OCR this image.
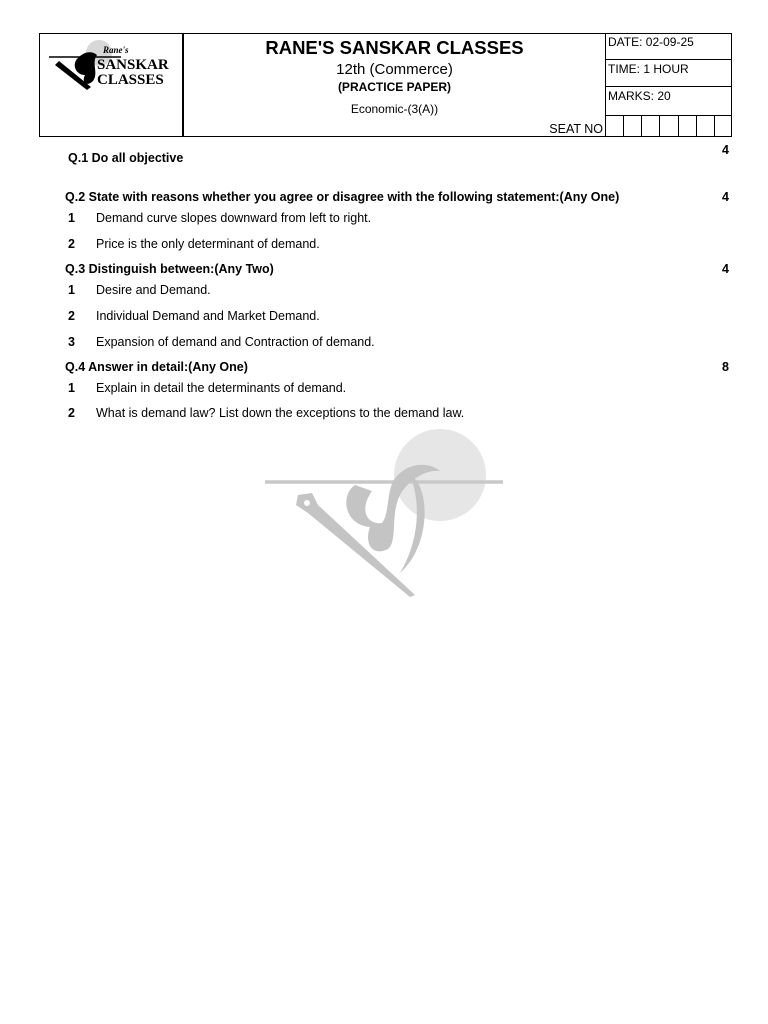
Rane's
SANSKAR
CLASSES
RANE'S SANSKAR CLASSES
12th (Commerce)
(PRACTICE PAPER)
Economic-(3(A))
SEAT NO
DATE: 02-09-25
TIME: 1 HOUR
MARKS: 20
Q.1 Do all objective
4
Q.2 State with reasons whether you agree or disagree with the following statement:(Any One)	4
1 Demand curve slopes downward from left to right.
2 Price is the only determinant of demand.
Q.3 Distinguish between:(Any Two)	4
1 Desire and Demand.
2 Individual Demand and Market Demand.
3 Expansion of demand and Contraction of demand.
Q.4 Answer in detail:(Any One)	8
1 Explain in detail the determinants of demand.
2 What is demand law? List down the exceptions to the demand law.
